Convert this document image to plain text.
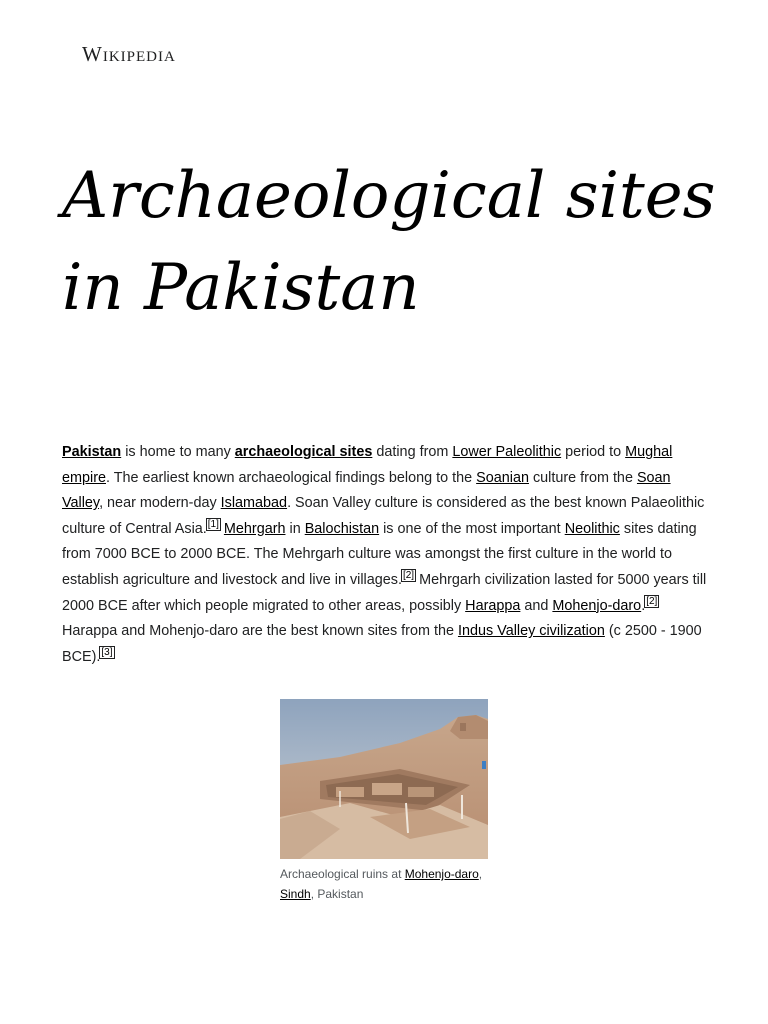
Wikipedia
Archaeological sites
in Pakistan

Pakistan is home to many archaeological sites dating from Lower Paleolithic period to Mughal empire. The earliest known archaeological findings belong to the Soanian culture from the Soan Valley, near modern-day Islamabad. Soan Valley culture is considered as the best known Palaeolithic culture of Central Asia.[1] Mehrgarh in Balochistan is one of the most important Neolithic sites dating from 7000 BCE to 2000 BCE. The Mehrgarh culture was amongst the first culture in the world to establish agriculture and livestock and live in villages.[2] Mehrgarh civilization lasted for 5000 years till 2000 BCE after which people migrated to other areas, possibly Harappa and Mohenjo-daro.[2] Harappa and Mohenjo-daro are the best known sites from the Indus Valley civilization (c 2500 - 1900 BCE).[3]

Archaeological ruins at Mohenjo-daro, Sindh, Pakistan
